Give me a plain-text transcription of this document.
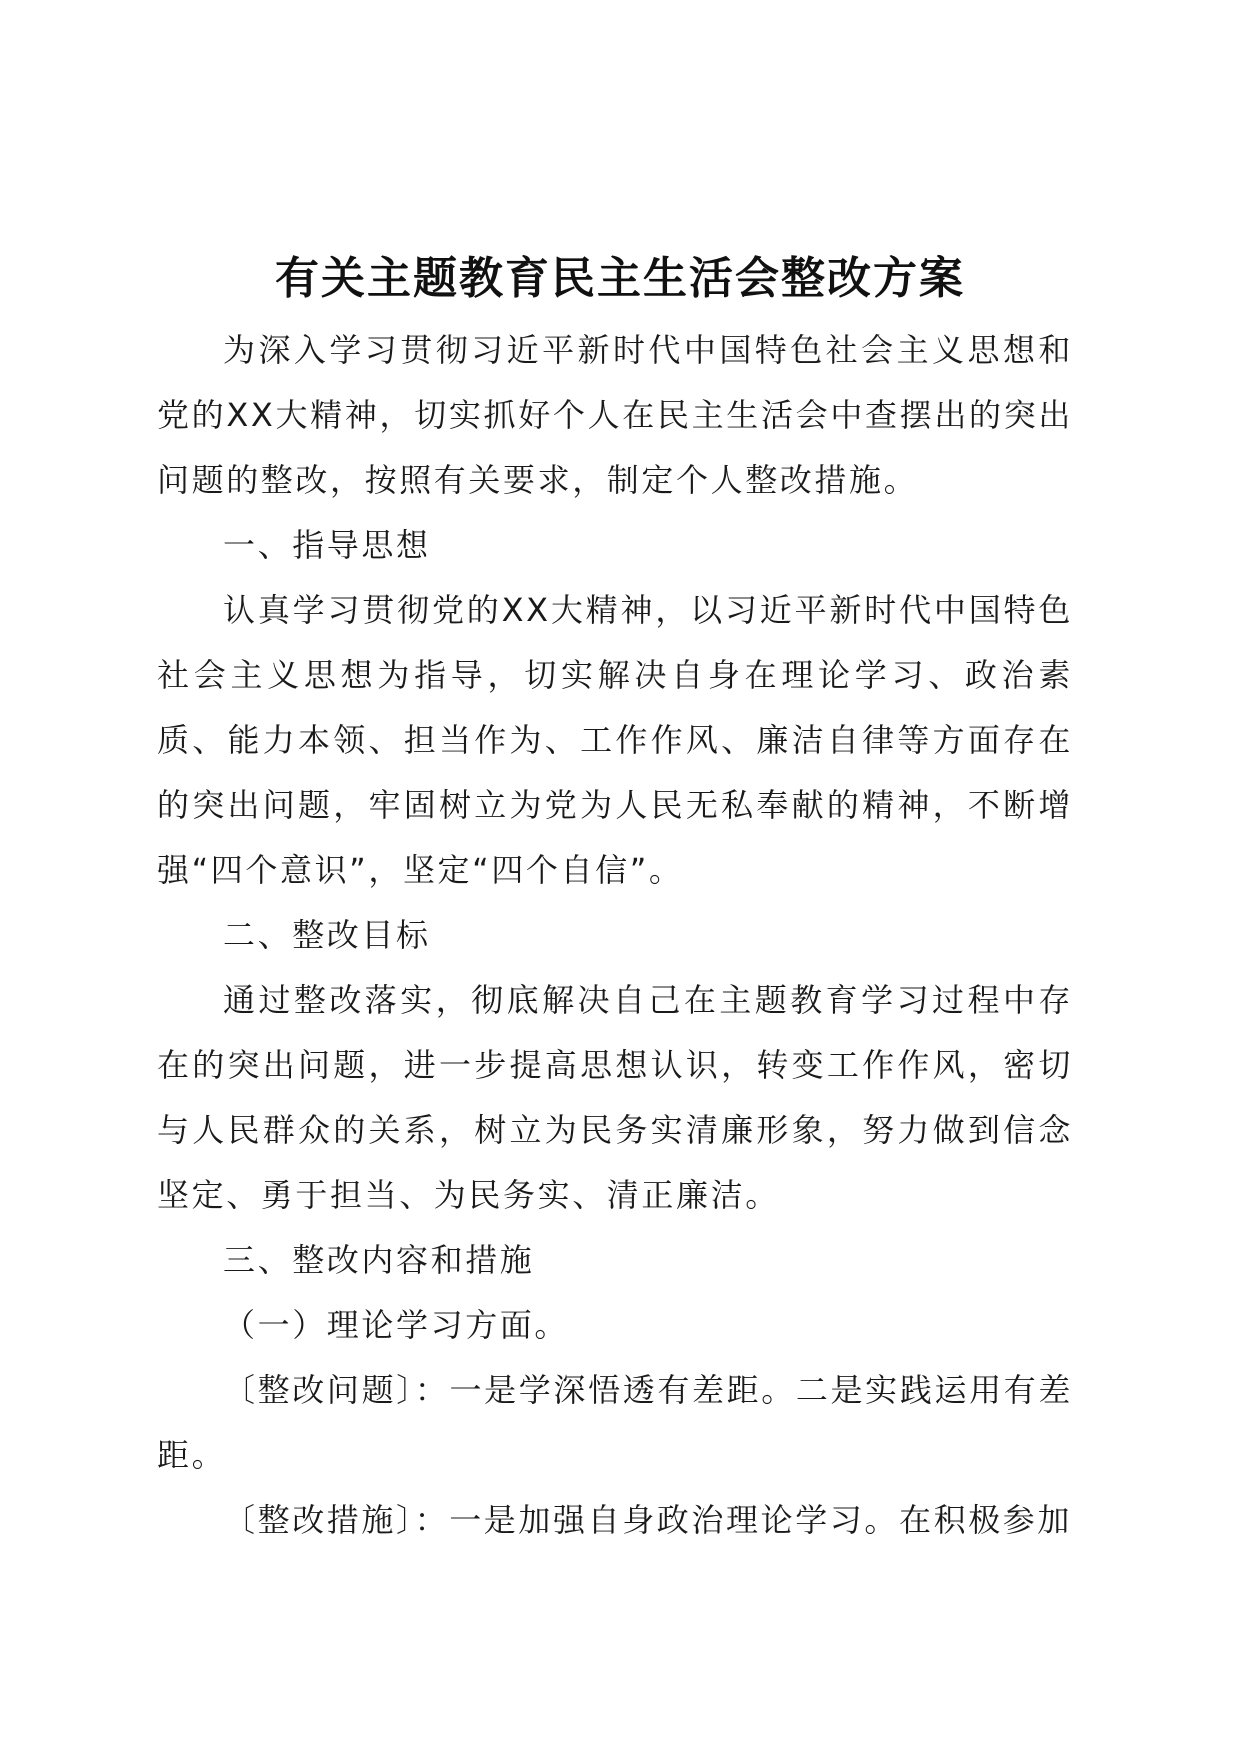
有关主题教育民主生活会整改方案

为深入学习贯彻习近平新时代中国特色社会主义思想和党的XX大精神，切实抓好个人在民主生活会中查摆出的突出问题的整改，按照有关要求，制定个人整改措施。

一、指导思想

认真学习贯彻党的XX大精神，以习近平新时代中国特色社会主义思想为指导，切实解决自身在理论学习、政治素质、能力本领、担当作为、工作作风、廉洁自律等方面存在的突出问题，牢固树立为党为人民无私奉献的精神，不断增强“四个意识”，坚定“四个自信”。

二、整改目标

通过整改落实，彻底解决自己在主题教育学习过程中存在的突出问题，进一步提高思想认识，转变工作作风，密切与人民群众的关系，树立为民务实清廉形象，努力做到信念坚定、勇于担当、为民务实、清正廉洁。

三、整改内容和措施

（一）理论学习方面。

〔整改问题〕：一是学深悟透有差距。二是实践运用有差距。

〔整改措施〕：一是加强自身政治理论学习。在积极参加
